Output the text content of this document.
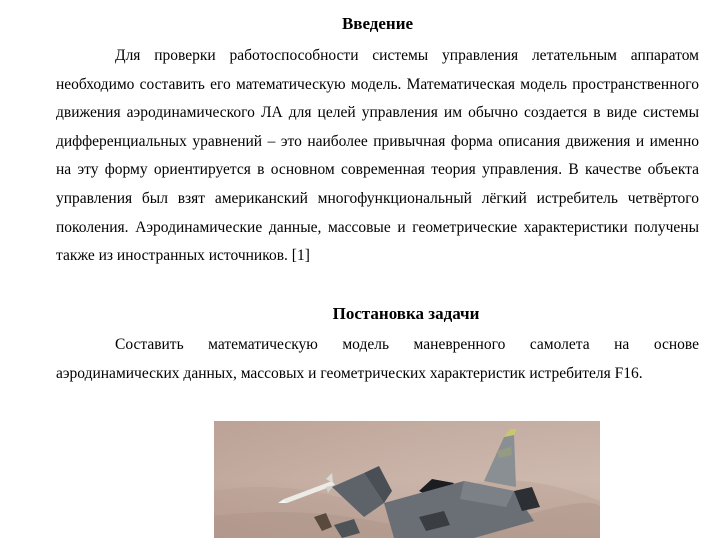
Введение

Для проверки работоспособности системы управления летательным аппаратом необходимо составить его математическую модель. Математическая модель пространственного движения аэродинамического ЛА для целей управления им обычно создается в виде системы дифференциальных уравнений – это наиболее привычная форма описания движения и именно на эту форму ориентируется в основном современная теория управления. В качестве объекта управления был взят американский многофункциональный лёгкий истребитель четвёртого поколения. Аэродинамические данные, массовые и геометрические характеристики получены также из иностранных источников. [1]

Постановка задачи

Составить математическую модель маневренного самолета на основе аэродинамических данных, массовых и геометрических характеристик истребителя F16.
